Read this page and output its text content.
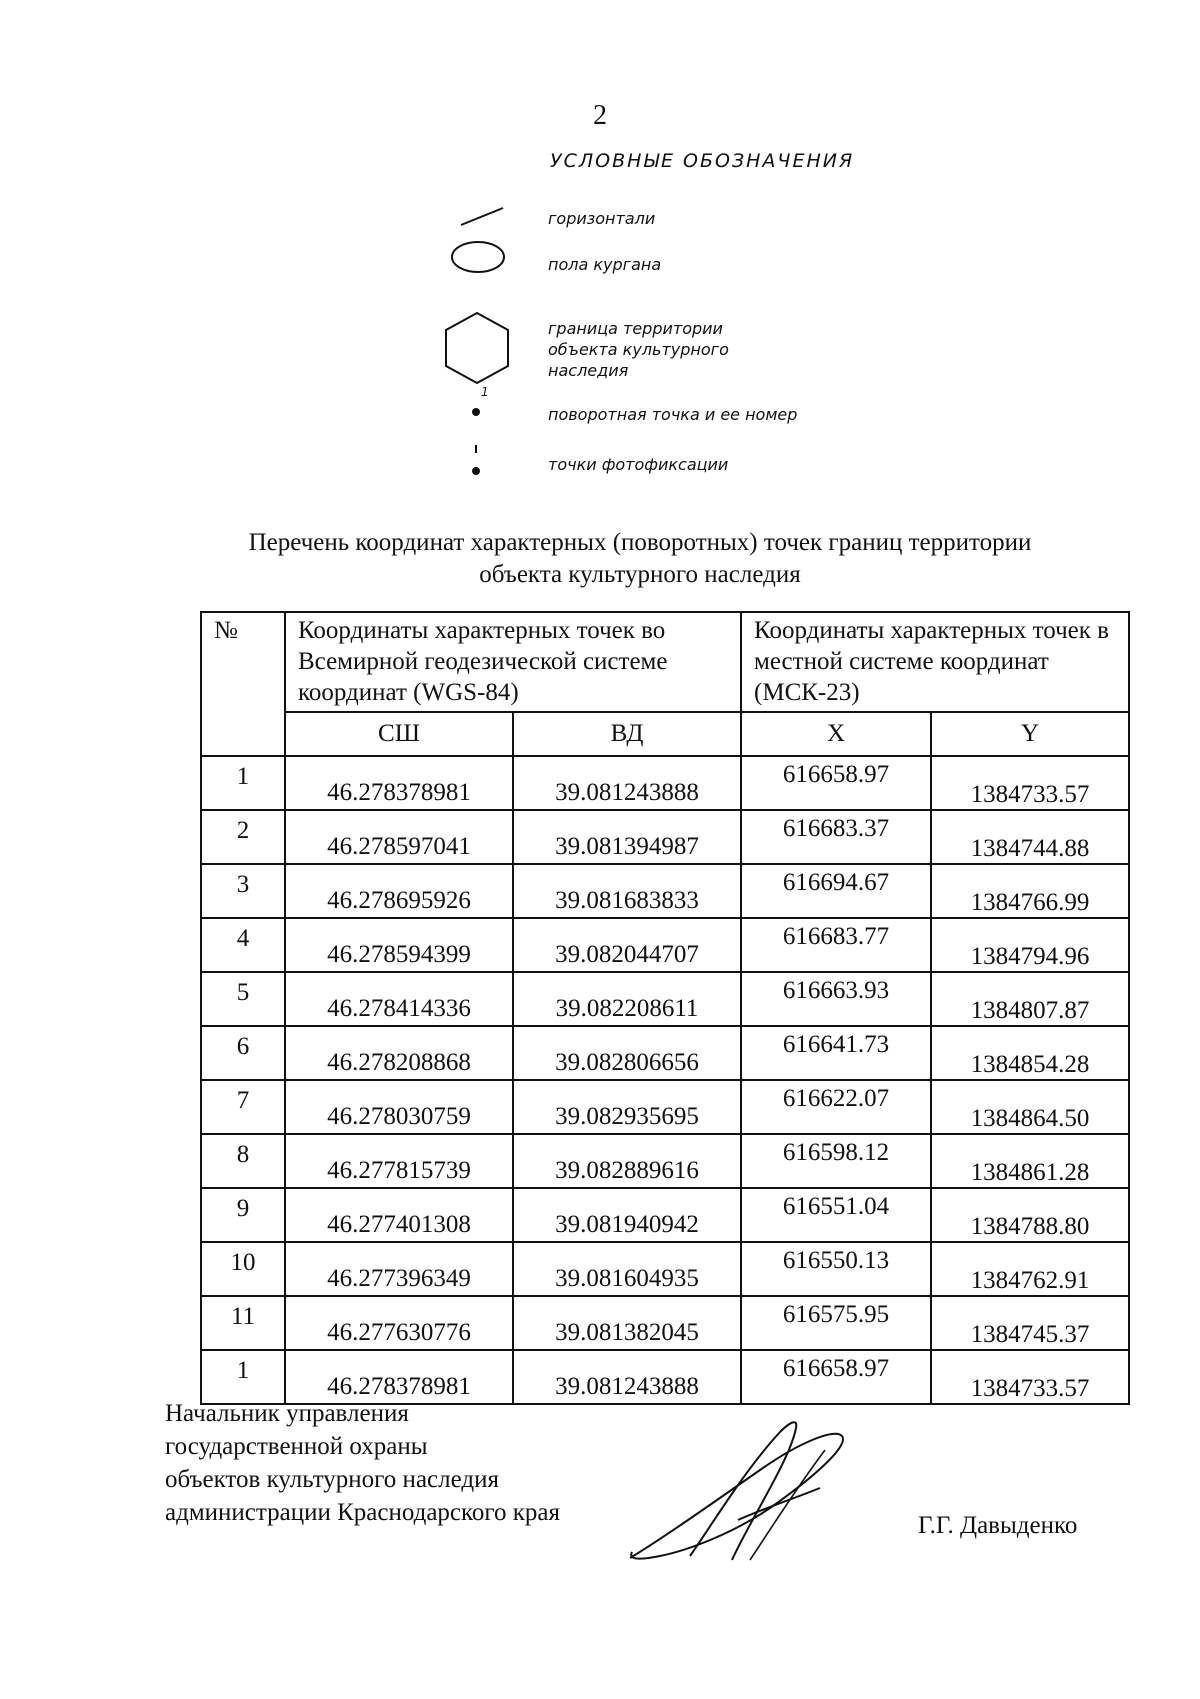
2
УСЛОВНЫЕ ОБОЗНАЧЕНИЯ
горизонтали
пола кургана
граница территории
объекта культурного
наследия
1
поворотная точка и ее номер
точки фотофиксации
Перечень координат характерных (поворотных) точек границ территории
объекта культурного наследия
№	Координаты характерных точек во Всемирной геодезической системе координат (WGS-84)		Координаты характерных точек в местной системе координат (МСК-23)	
	СШ	ВД	X	Y
1	46.278378981	39.081243888	616658.97	1384733.57
2	46.278597041	39.081394987	616683.37	1384744.88
3	46.278695926	39.081683833	616694.67	1384766.99
4	46.278594399	39.082044707	616683.77	1384794.96
5	46.278414336	39.082208611	616663.93	1384807.87
6	46.278208868	39.082806656	616641.73	1384854.28
7	46.278030759	39.082935695	616622.07	1384864.50
8	46.277815739	39.082889616	616598.12	1384861.28
9	46.277401308	39.081940942	616551.04	1384788.80
10	46.277396349	39.081604935	616550.13	1384762.91
11	46.277630776	39.081382045	616575.95	1384745.37
1	46.278378981	39.081243888	616658.97	1384733.57
Начальник управления
государственной охраны
объектов культурного наследия
администрации Краснодарского края	Г.Г. Давыденко
